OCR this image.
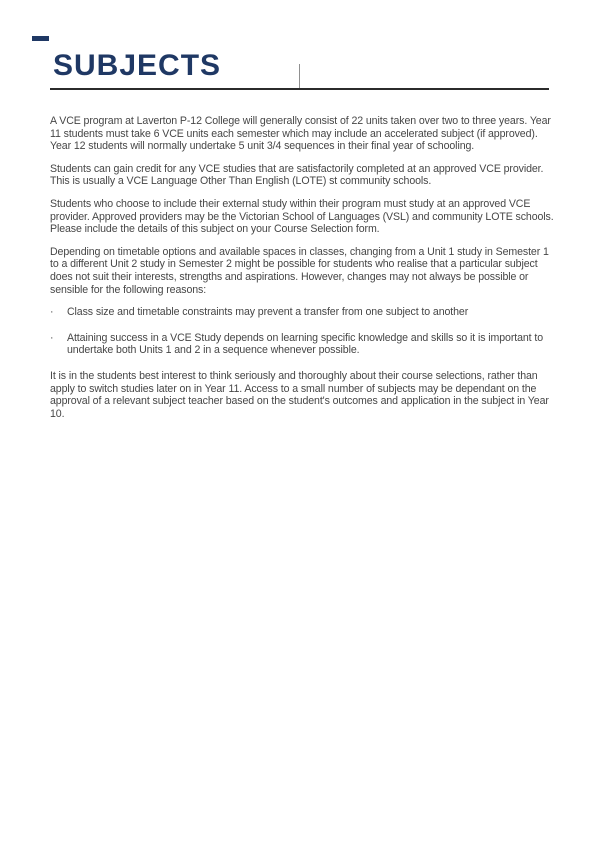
SUBJECTS

A VCE program at Laverton P-12 College will generally consist of 22 units taken over two to three years. Year 11 students must take 6 VCE units each semester which may include an accelerated subject (if approved). Year 12 students will normally undertake 5 unit 3/4 sequences in their final year of schooling.

Students can gain credit for any VCE studies that are satisfactorily completed at an approved VCE provider. This is usually a VCE Language Other Than English (LOTE) st community schools.

Students who choose to include their external study within their program must study at an approved VCE provider. Approved providers may be the Victorian School of Languages (VSL) and community LOTE schools. Please include the details of this subject on your Course Selection form.

Depending on timetable options and available spaces in classes, changing from a Unit 1 study in Semester 1 to a different Unit 2 study in Semester 2 might be possible for students who realise that a particular subject does not suit their interests, strengths and aspirations. However, changes may not always be possible or sensible for the following reasons:

·	Class size and timetable constraints may prevent a transfer from one subject to another
·	Attaining success in a VCE Study depends on learning specific knowledge and skills so it is important to undertake both Units 1 and 2 in a sequence whenever possible.

It is in the students best interest to think seriously and thoroughly about their course selections, rather than apply to switch studies later on in Year 11. Access to a small number of subjects may be dependant on the approval of a relevant subject teacher based on the student's outcomes and application in the subject in Year 10.
